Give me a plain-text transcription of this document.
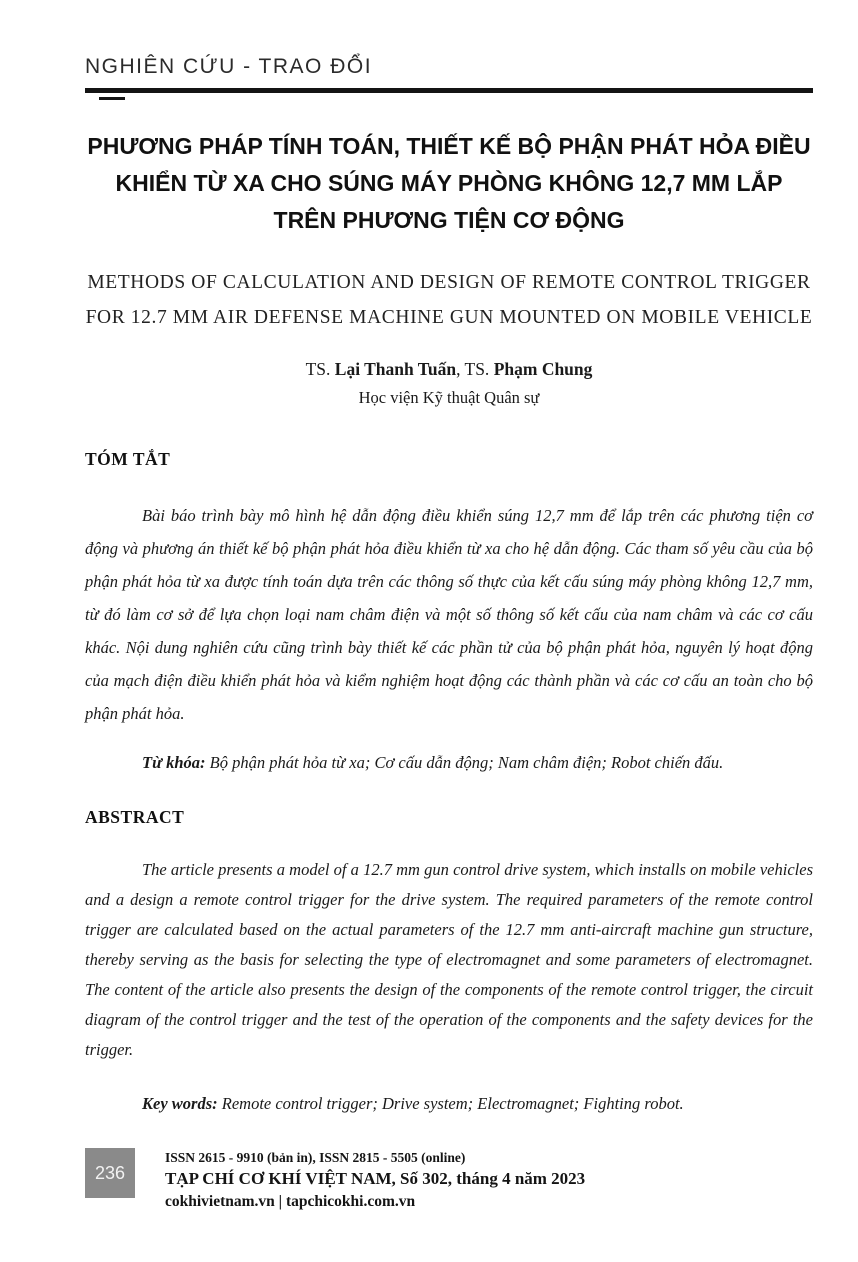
NGHIÊN CỨU - TRAO ĐỔI
PHƯƠNG PHÁP TÍNH TOÁN, THIẾT KẾ BỘ PHẬN PHÁT HỎA ĐIỀU KHIỂN TỪ XA CHO SÚNG MÁY PHÒNG KHÔNG 12,7 MM LẮP TRÊN PHƯƠNG TIỆN CƠ ĐỘNG
METHODS OF CALCULATION AND DESIGN OF REMOTE CONTROL TRIGGER FOR 12.7 MM AIR DEFENSE MACHINE GUN MOUNTED ON MOBILE VEHICLE
TS. Lại Thanh Tuấn, TS. Phạm Chung
Học viện Kỹ thuật Quân sự
TÓM TẮT

Bài báo trình bày mô hình hệ dẫn động điều khiển súng 12,7 mm để lắp trên các phương tiện cơ động và phương án thiết kế bộ phận phát hỏa điều khiển từ xa cho hệ dẫn động. Các tham số yêu cầu của bộ phận phát hỏa từ xa được tính toán dựa trên các thông số thực của kết cấu súng máy phòng không 12,7 mm, từ đó làm cơ sở để lựa chọn loại nam châm điện và một số thông số kết cấu của nam châm và các cơ cấu khác. Nội dung nghiên cứu cũng trình bày thiết kế các phần tử của bộ phận phát hỏa, nguyên lý hoạt động của mạch điện điều khiển phát hỏa và kiểm nghiệm hoạt động các thành phần và các cơ cấu an toàn cho bộ phận phát hỏa.

Từ khóa: Bộ phận phát hỏa từ xa; Cơ cấu dẫn động; Nam châm điện; Robot chiến đấu.

ABSTRACT

The article presents a model of a 12.7 mm gun control drive system, which installs on mobile vehicles and a design a remote control trigger for the drive system. The required parameters of the remote control trigger are calculated based on the actual parameters of the 12.7 mm anti-aircraft machine gun structure, thereby serving as the basis for selecting the type of electromagnet and some parameters of electromagnet. The content of the article also presents the design of the components of the remote control trigger, the circuit diagram of the control trigger and the test of the operation of the components and the safety devices for the trigger.

Key words: Remote control trigger; Drive system; Electromagnet; Fighting robot.

236
ISSN 2615 - 9910 (bản in), ISSN 2815 - 5505 (online)
TẠP CHÍ CƠ KHÍ VIỆT NAM, Số 302, tháng 4 năm 2023
cokhivietnam.vn | tapchicokhi.com.vn
